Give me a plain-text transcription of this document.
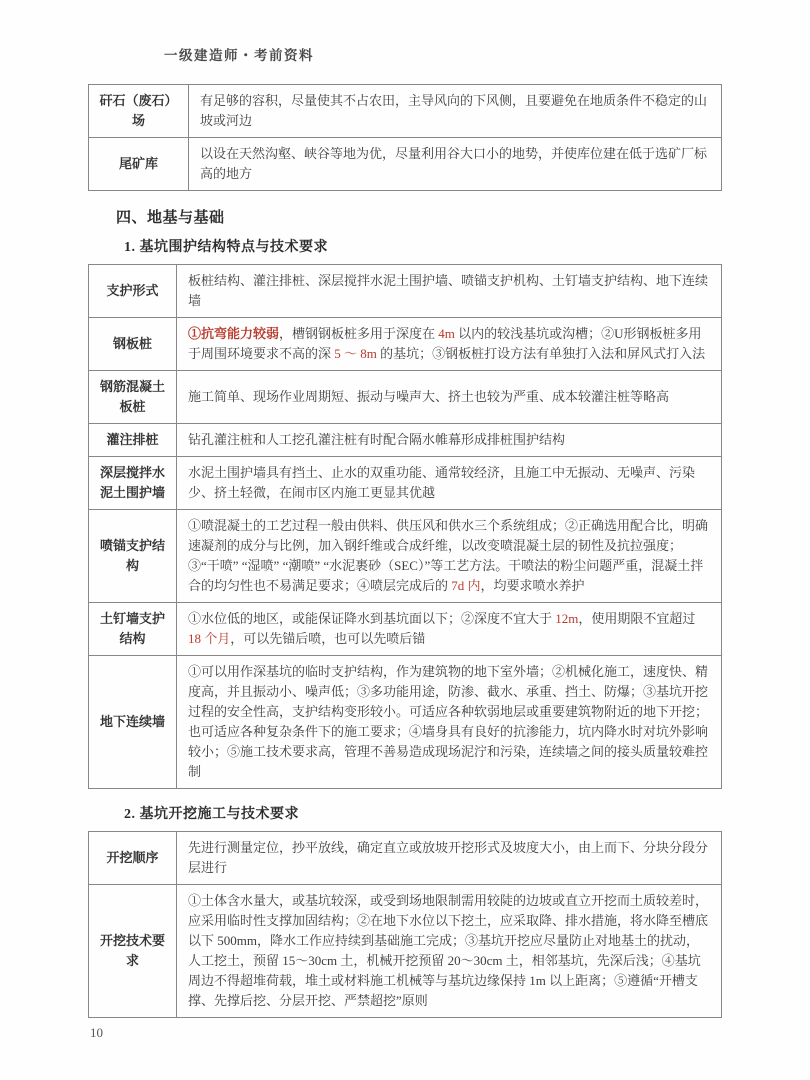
一级建造师・考前资料
矸石（废石）场	有足够的容积，尽量使其不占农田，主导风向的下风侧，且要避免在地质条件不稳定的山坡或河边
尾矿库	以设在天然沟壑、峡谷等地为优，尽量利用谷大口小的地势，并使库位建在低于选矿厂标高的地方
四、地基与基础
1. 基坑围护结构特点与技术要求
支护形式	板桩结构、灌注排桩、深层搅拌水泥土围护墙、喷锚支护机构、土钉墙支护结构、地下连续墙
钢板桩	①抗弯能力较弱，槽钢钢板桩多用于深度在 4m 以内的较浅基坑或沟槽；②U形钢板桩多用于周围环境要求不高的深 5 ～ 8m 的基坑；③钢板桩打设方法有单独打入法和屏风式打入法
钢筋混凝土板桩	施工简单、现场作业周期短、振动与噪声大、挤土也较为严重、成本较灌注桩等略高
灌注排桩	钻孔灌注桩和人工挖孔灌注桩有时配合隔水帷幕形成排桩围护结构
深层搅拌水泥土围护墙	水泥土围护墙具有挡土、止水的双重功能、通常较经济，且施工中无振动、无噪声、污染 少、挤土轻微，在闹市区内施工更显其优越
喷锚支护结构	①喷混凝土的工艺过程一般由供料、供压风和供水三个系统组成；②正确选用配合比，明确速凝剂的成分与比例，加入钢纤维或合成纤维，以改变喷混凝土层的韧性及抗拉强度；③“干喷” “湿喷” “潮喷” “水泥裹砂（SEC）”等工艺方法。干喷法的粉尘问题严重，混凝土拌合的均匀性也不易满足要求；④喷层完成后的 7d 内，均要求喷水养护
土钉墙支护结构	①水位低的地区，或能保证降水到基坑面以下；②深度不宜大于 12m，使用期限不宜超过 18 个月，可以先锚后喷，也可以先喷后锚
地下连续墙	①可以用作深基坑的临时支护结构，作为建筑物的地下室外墙；②机械化施工，速度快、精度高，并且振动小、噪声低；③多功能用途，防渗、截水、承重、挡土、防爆；③基坑开挖过程的安全性高，支护结构变形较小。可适应各种软弱地层或重要建筑物附近的地下开挖；也可适应各种复杂条件下的施工要求；④墙身具有良好的抗渗能力，坑内降水时对坑外影响较小；⑤施工技术要求高，管理不善易造成现场泥泞和污染，连续墙之间的接头质量较难控制
2. 基坑开挖施工与技术要求
开挖顺序	先进行测量定位，抄平放线，确定直立或放坡开挖形式及坡度大小，由上而下、分块分段分层进行
开挖技术要求	①土体含水量大，或基坑较深，或受到场地限制需用较陡的边坡或直立开挖而土质较差时，应采用临时性支撑加固结构；②在地下水位以下挖土，应采取降、排水措施，将水降至槽底以下 500mm，降水工作应持续到基础施工完成；③基坑开挖应尽量防止对地基土的扰动，人工挖土，预留 15～30cm 土，机械开挖预留 20～30cm 土，相邻基坑，先深后浅；④基坑周边不得超堆荷载，堆土或材料施工机械等与基坑边缘保持 1m 以上距离；⑤遵循“开槽支撑、先撑后挖、分层开挖、严禁超挖”原则
10
